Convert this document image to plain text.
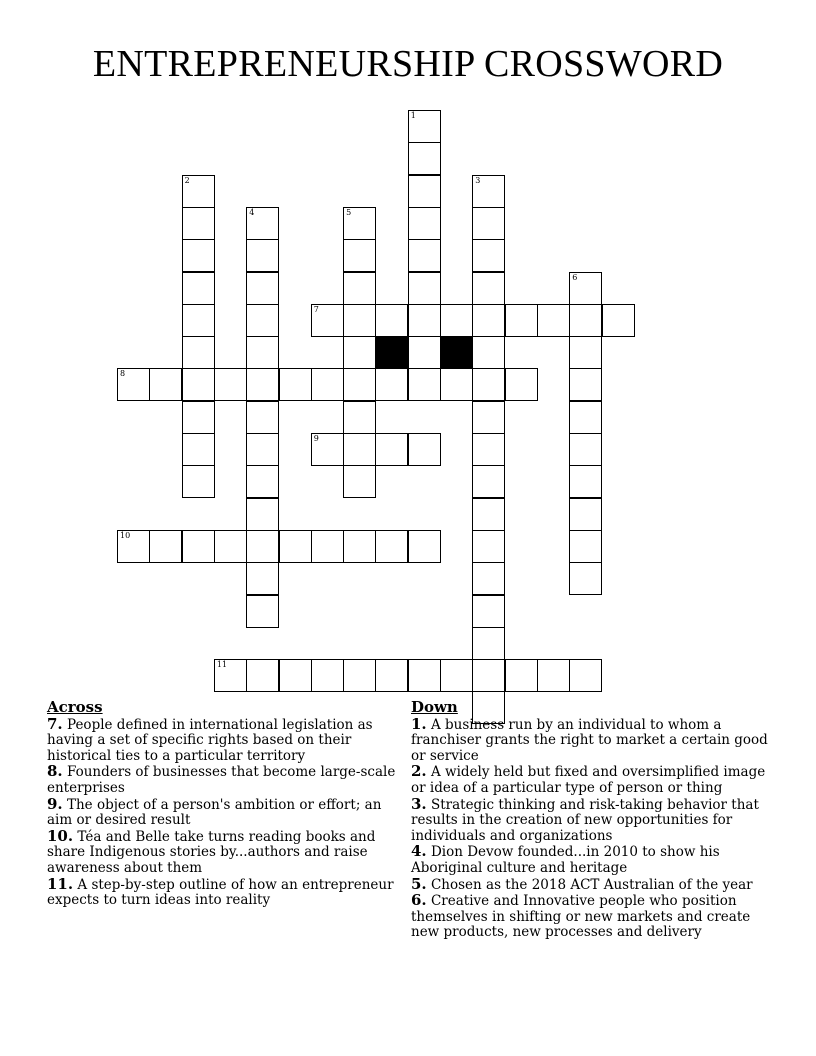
ENTREPRENEURSHIP CROSSWORD
1
2	3
4	5
6
7
8
9
10
11
Across
7. People defined in international legislation as having a set of specific rights based on their historical ties to a particular territory
8. Founders of businesses that become large-scale enterprises
9. The object of a person's ambition or effort; an aim or desired result
10. Téa and Belle take turns reading books and share Indigenous stories by...authors and raise awareness about them
11. A step-by-step outline of how an entrepreneur expects to turn ideas into reality
Down
1. A business run by an individual to whom a franchiser grants the right to market a certain good or service
2. A widely held but fixed and oversimplified image or idea of a particular type of person or thing
3. Strategic thinking and risk-taking behavior that results in the creation of new opportunities for individuals and organizations
4. Dion Devow founded...in 2010 to show his Aboriginal culture and heritage
5. Chosen as the 2018 ACT Australian of the year
6. Creative and Innovative people who position themselves in shifting or new markets and create new products, new processes and delivery
